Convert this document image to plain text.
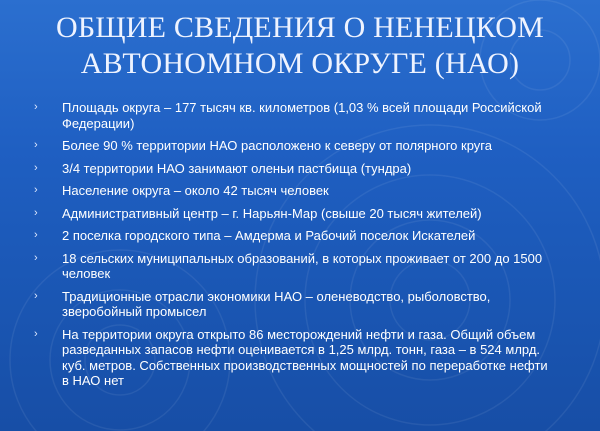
ОБЩИЕ СВЕДЕНИЯ О НЕНЕЦКОМ
АВТОНОМНОМ ОКРУГЕ (НАО)
›	Площадь округа – 177 тысяч кв. километров (1,03 % всей площади Российской Федерации)
›	Более 90 % территории НАО расположено к северу от полярного круга
›	3/4 территории НАО занимают оленьи пастбища (тундра)
›	Население округа – около 42 тысяч человек
›	Административный центр – г. Нарьян-Мар (свыше 20 тысяч жителей)
›	2 поселка городского типа – Амдерма и Рабочий поселок Искателей
›	18 сельских муниципальных образований, в которых проживает от 200 до 1500 человек
›	Традиционные отрасли экономики НАО – оленеводство, рыболовство, зверобойный промысел
›	На территории округа открыто 86 месторождений нефти и газа. Общий объем разведанных запасов нефти оценивается в 1,25 млрд. тонн, газа – в 524 млрд. куб. метров. Собственных производственных мощностей по переработке нефти в НАО нет
